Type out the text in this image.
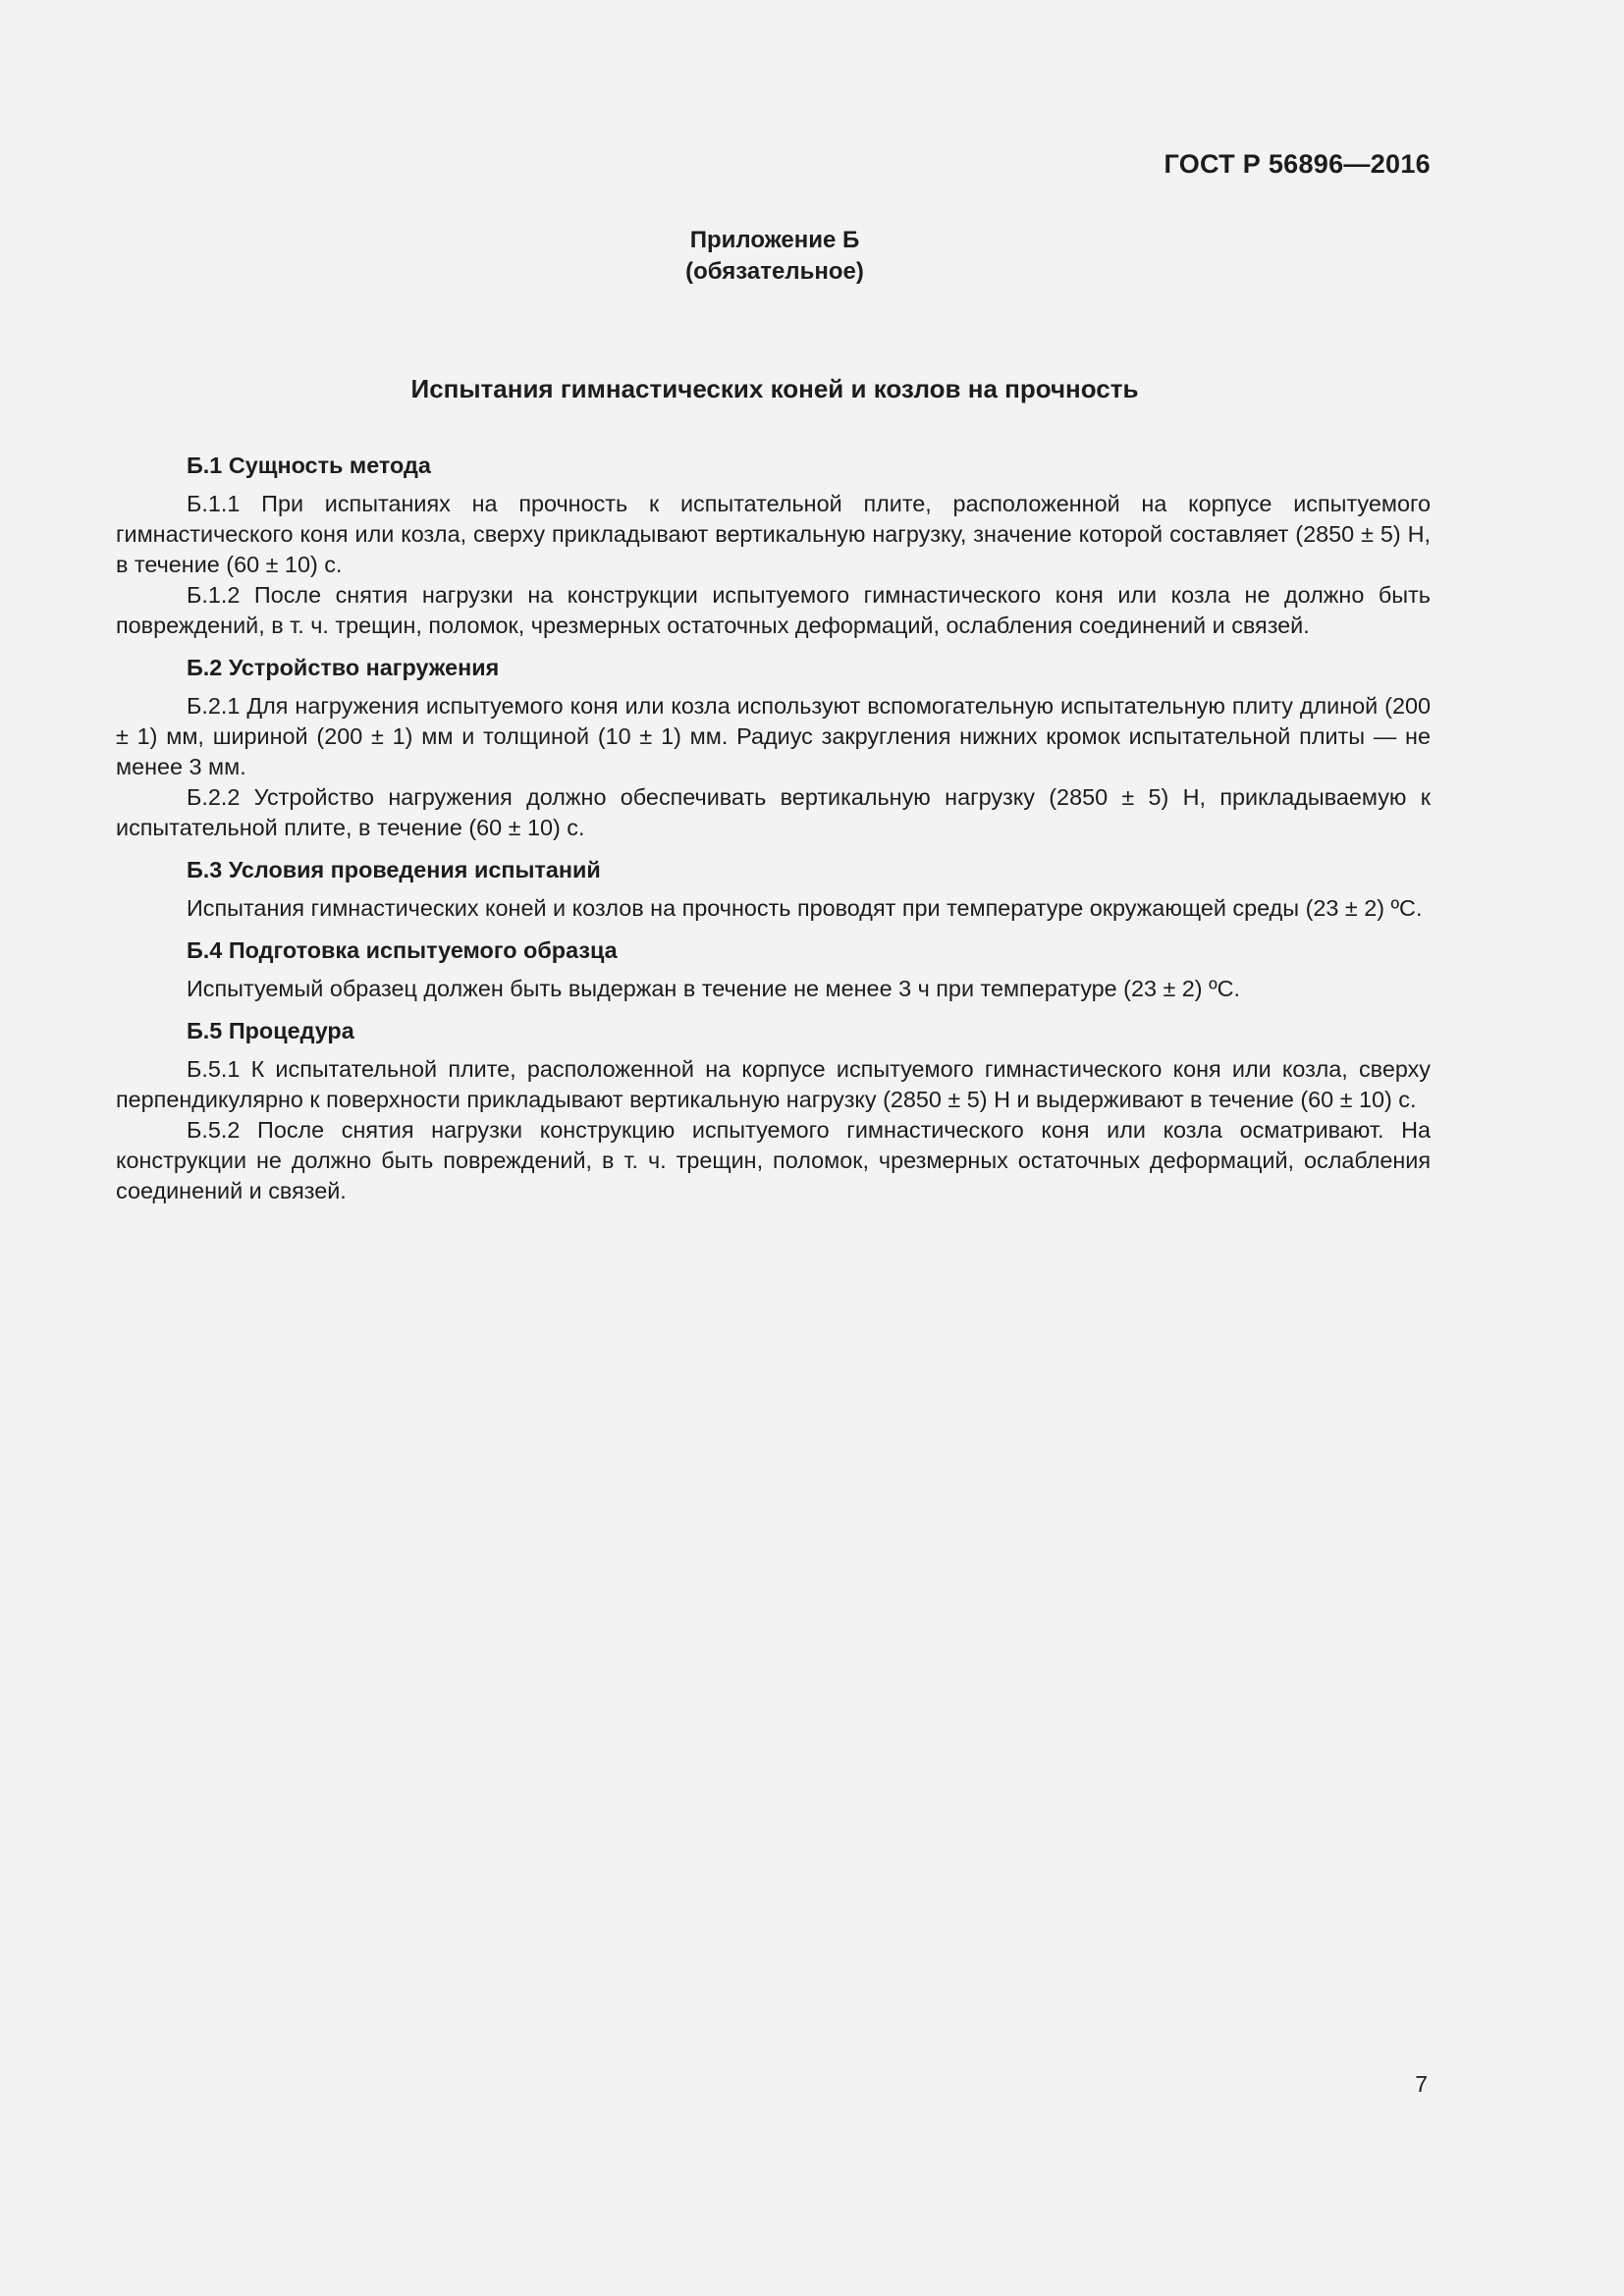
ГОСТ Р 56896—2016
Приложение Б
(обязательное)
Испытания гимнастических коней и козлов на прочность
Б.1 Сущность метода

Б.1.1 При испытаниях на прочность к испытательной плите, расположенной на корпусе испытуемого гимнастического коня или козла, сверху прикладывают вертикальную нагрузку, значение которой составляет (2850 ± 5) Н, в течение (60 ± 10) с.

Б.1.2 После снятия нагрузки на конструкции испытуемого гимнастического коня или козла не должно быть повреждений, в т. ч. трещин, поломок, чрезмерных остаточных деформаций, ослабления соединений и связей.

Б.2 Устройство нагружения

Б.2.1 Для нагружения испытуемого коня или козла используют вспомогательную испытательную плиту длиной (200 ± 1) мм, шириной (200 ± 1) мм и толщиной (10 ± 1) мм. Радиус закругления нижних кромок испытательной плиты — не менее 3 мм.

Б.2.2 Устройство нагружения должно обеспечивать вертикальную нагрузку (2850 ± 5) Н, прикладываемую к испытательной плите, в течение (60 ± 10) с.

Б.3 Условия проведения испытаний

Испытания гимнастических коней и козлов на прочность проводят при температуре окружающей среды (23 ± 2) ºС.

Б.4 Подготовка испытуемого образца

Испытуемый образец должен быть выдержан в течение не менее 3 ч при температуре (23 ± 2) ºС.

Б.5 Процедура

Б.5.1 К испытательной плите, расположенной на корпусе испытуемого гимнастического коня или козла, сверху перпендикулярно к поверхности прикладывают вертикальную нагрузку (2850 ± 5) Н и выдерживают в течение (60 ± 10) с.

Б.5.2 После снятия нагрузки конструкцию испытуемого гимнастического коня или козла осматривают. На конструкции не должно быть повреждений, в т. ч. трещин, поломок, чрезмерных остаточных деформаций, ослабления соединений и связей.

7
